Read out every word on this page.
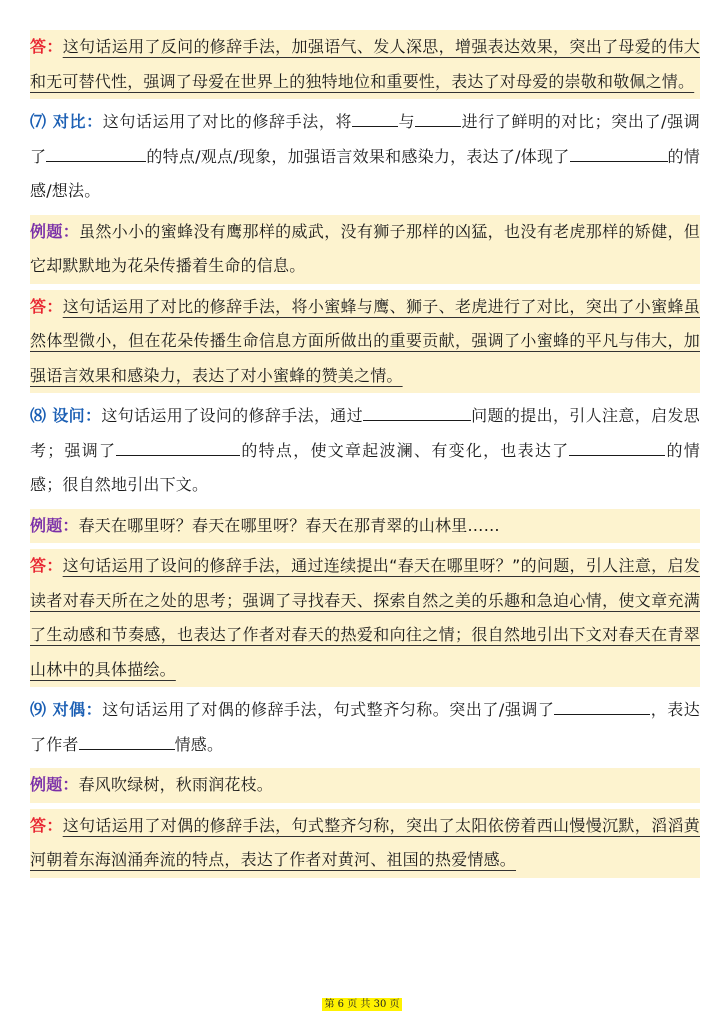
答：这句话运用了反问的修辞手法，加强语气、发人深思，增强表达效果，突出了母爱的伟大和无可替代性，强调了母爱在世界上的独特地位和重要性，表达了对母爱的崇敬和敬佩之情。
⑺ 对比：这句话运用了对比的修辞手法，将	与	进行了鲜明的对比；突出了/强调了	的特点/观点/现象，加强语言效果和感染力，表达了/体现了	的情感/想法。
例题：虽然小小的蜜蜂没有鹰那样的威武，没有狮子那样的凶猛，也没有老虎那样的矫健，但它却默默地为花朵传播着生命的信息。
答：这句话运用了对比的修辞手法，将小蜜蜂与鹰、狮子、老虎进行了对比，突出了小蜜蜂虽然体型微小，但在花朵传播生命信息方面所做出的重要贡献，强调了小蜜蜂的平凡与伟大，加强语言效果和感染力，表达了对小蜜蜂的赞美之情。
⑻ 设问：这句话运用了设问的修辞手法，通过	问题的提出，引人注意，启发思考；强调了	的特点，使文章起波澜、有变化，也表达了	的情感；很自然地引出下文。
例题：春天在哪里呀？春天在哪里呀？春天在那青翠的山林里……
答：这句话运用了设问的修辞手法，通过连续提出“春天在哪里呀？”的问题，引人注意，启发读者对春天所在之处的思考；强调了寻找春天、探索自然之美的乐趣和急迫心情，使文章充满了生动感和节奏感，也表达了作者对春天的热爱和向往之情；很自然地引出下文对春天在青翠山林中的具体描绘。
⑼ 对偶：这句话运用了对偶的修辞手法，句式整齐匀称。突出了/强调了	，表达了作者	情感。
例题：春风吹绿树，秋雨润花枝。
答：这句话运用了对偶的修辞手法，句式整齐匀称，突出了太阳依傍着西山慢慢沉默，滔滔黄河朝着东海汹涌奔流的特点，表达了作者对黄河、祖国的热爱情感。
第 6 页 共 30 页
